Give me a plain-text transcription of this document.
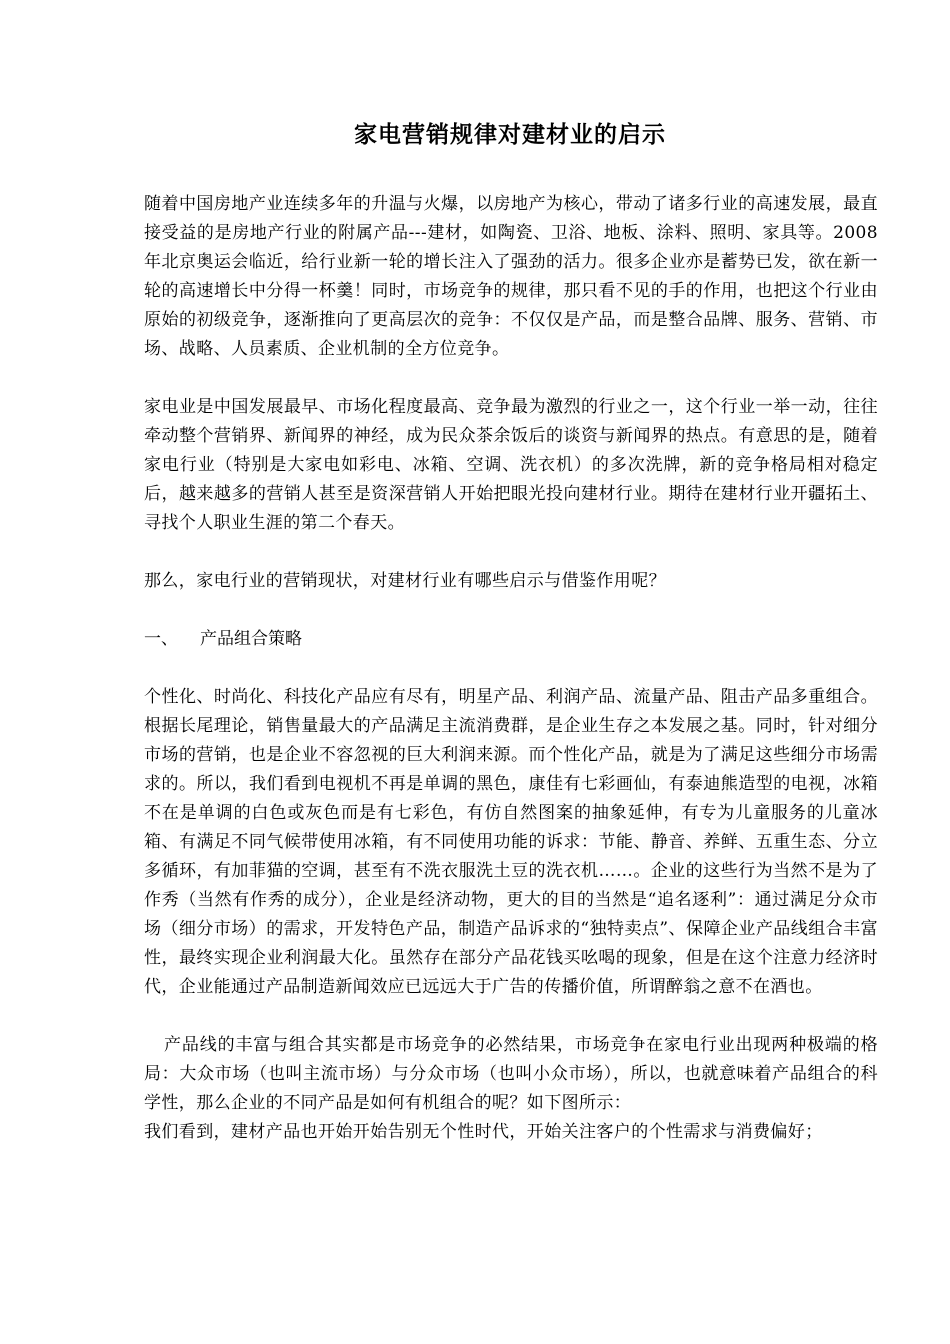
家电营销规律对建材业的启示

随着中国房地产业连续多年的升温与火爆，以房地产为核心，带动了诸多行业的高速发展，最直接受益的是房地产行业的附属产品---建材，如陶瓷、卫浴、地板、涂料、照明、家具等。2008年北京奥运会临近，给行业新一轮的增长注入了强劲的活力。很多企业亦是蓄势已发，欲在新一轮的高速增长中分得一杯羹！同时，市场竞争的规律，那只看不见的手的作用，也把这个行业由原始的初级竞争，逐渐推向了更高层次的竞争：不仅仅是产品，而是整合品牌、服务、营销、市场、战略、人员素质、企业机制的全方位竞争。

家电业是中国发展最早、市场化程度最高、竞争最为激烈的行业之一，这个行业一举一动，往往牵动整个营销界、新闻界的神经，成为民众茶余饭后的谈资与新闻界的热点。有意思的是，随着家电行业（特别是大家电如彩电、冰箱、空调、洗衣机）的多次洗牌，新的竞争格局相对稳定后，越来越多的营销人甚至是资深营销人开始把眼光投向建材行业。期待在建材行业开疆拓土、寻找个人职业生涯的第二个春天。

那么，家电行业的营销现状，对建材行业有哪些启示与借鉴作用呢？

一、 产品组合策略

个性化、时尚化、科技化产品应有尽有，明星产品、利润产品、流量产品、阻击产品多重组合。根据长尾理论，销售量最大的产品满足主流消费群，是企业生存之本发展之基。同时，针对细分市场的营销，也是企业不容忽视的巨大利润来源。而个性化产品，就是为了满足这些细分市场需求的。所以，我们看到电视机不再是单调的黑色，康佳有七彩画仙，有泰迪熊造型的电视，冰箱不在是单调的白色或灰色而是有七彩色，有仿自然图案的抽象延伸，有专为儿童服务的儿童冰箱、有满足不同气候带使用冰箱，有不同使用功能的诉求：节能、静音、养鲜、五重生态、分立多循环，有加菲猫的空调，甚至有不洗衣服洗土豆的洗衣机……。企业的这些行为当然不是为了作秀（当然有作秀的成分），企业是经济动物，更大的目的当然是“追名逐利”：通过满足分众市场（细分市场）的需求，开发特色产品，制造产品诉求的“独特卖点”、保障企业产品线组合丰富性，最终实现企业利润最大化。虽然存在部分产品花钱买吆喝的现象，但是在这个注意力经济时代，企业能通过产品制造新闻效应已远远大于广告的传播价值，所谓醉翁之意不在酒也。

产品线的丰富与组合其实都是市场竞争的必然结果，市场竞争在家电行业出现两种极端的格局：大众市场（也叫主流市场）与分众市场（也叫小众市场），所以，也就意味着产品组合的科学性，那么企业的不同产品是如何有机组合的呢？如下图所示：

我们看到，建材产品也开始开始告别无个性时代，开始关注客户的个性需求与消费偏好；
